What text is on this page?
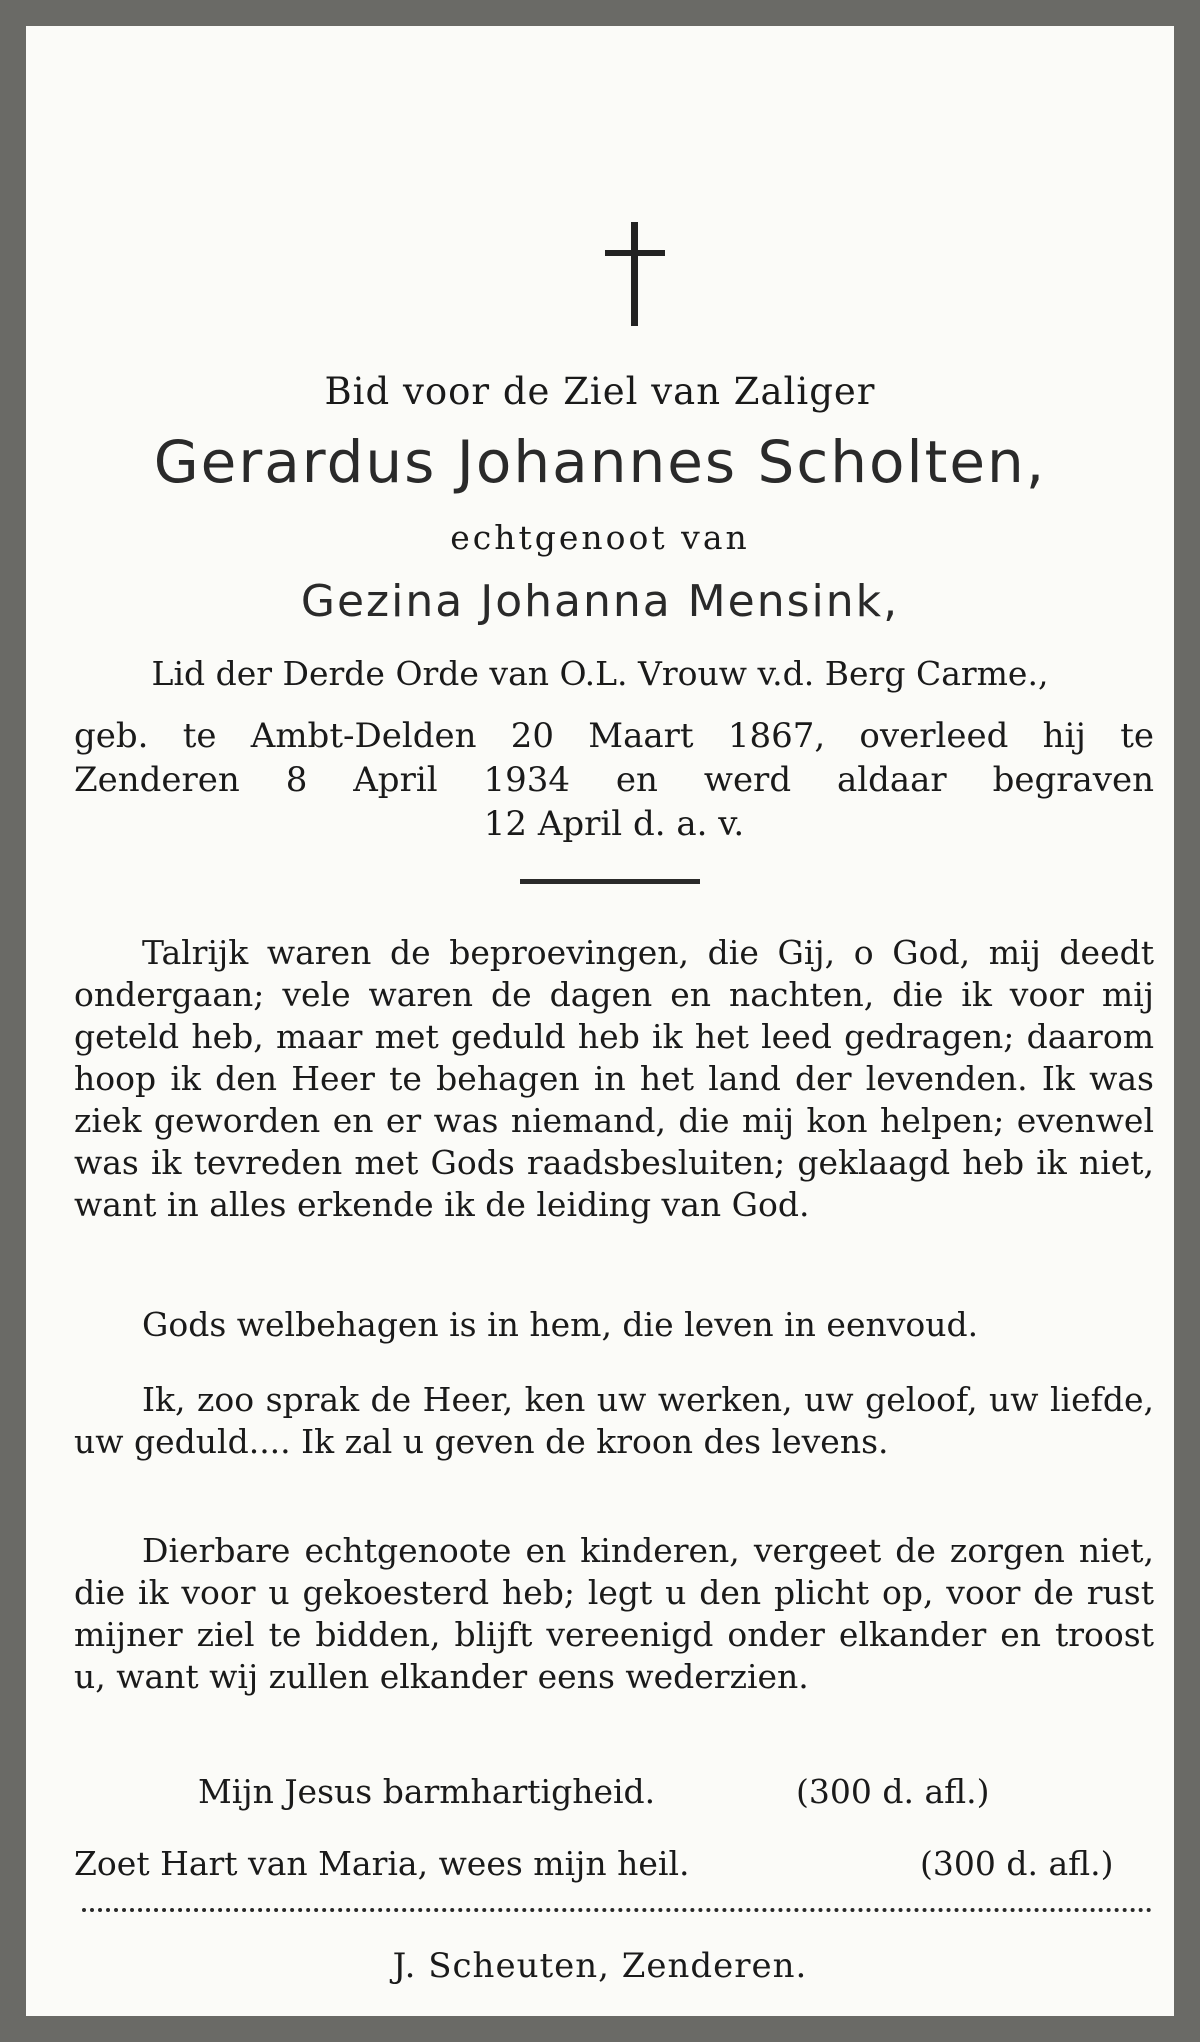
Bid voor de Ziel van Zaliger
Gerardus Johannes Scholten,
echtgenoot van
Gezina Johanna Mensink,
Lid der Derde Orde van O.L. Vrouw v.d. Berg Carme.,

geb. te Ambt-Delden 20 Maart 1867, overleed hij te

Zenderen 8 April 1934 en werd aldaar begraven

12 April d. a. v.

Talrijk waren de beproevingen, die Gij, o God, mij deedt ondergaan; vele waren de dagen en nachten, die ik voor mij geteld heb, maar met geduld heb ik het leed gedragen; daarom hoop ik den Heer te behagen in het land der levenden. Ik was ziek geworden en er was niemand, die mij kon helpen; evenwel was ik tevreden met Gods raadsbesluiten; geklaagd heb ik niet, want in alles erkende ik de leiding van God.

Gods welbehagen is in hem, die leven in eenvoud.

Ik, zoo sprak de Heer, ken uw werken, uw geloof, uw liefde, uw geduld.... Ik zal u geven de kroon des levens.

Dierbare echtgenoote en kinderen, vergeet de zorgen niet, die ik voor u gekoesterd heb; legt u den plicht op, voor de rust mijner ziel te bidden, blijft vereenigd onder elkander en troost u, want wij zullen elkander eens wederzien.

Mijn Jesus barmhartigheid.	(300 d. afl.)
Zoet Hart van Maria, wees mijn heil.	(300 d. afl.)
J. Scheuten, Zenderen.
